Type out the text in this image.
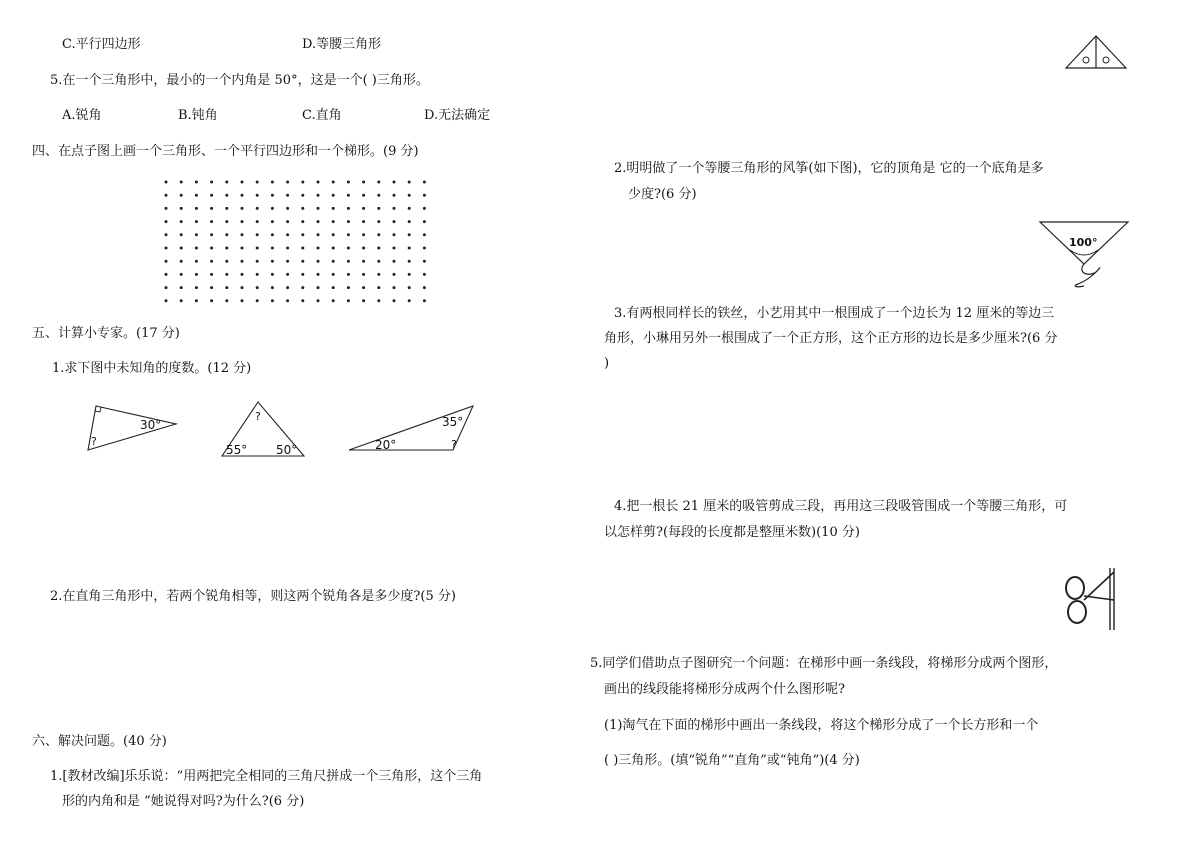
C.平行四边形	D.等腰三角形
5.在一个三角形中，最小的一个内角是 50°，这是一个( )三角形。
A.锐角	B.钝角	C.直角	D.无法确定
四、在点子图上画一个三角形、一个平行四边形和一个梯形。(9 分)
五、计算小专家。(17 分)
1.求下图中未知角的度数。(12 分)
30°
?
?
55° 50°
35°
20°	?
2.在直角三角形中，若两个锐角相等，则这两个锐角各是多少度?(5 分)
六、解决问题。(40 分)
1.[教材改编]乐乐说：“用两把完全相同的三角尺拼成一个三角形，这个三角
形的内角和是 ”她说得对吗?为什么?(6 分)
2.明明做了一个等腰三角形的风筝(如下图)，它的顶角是 它的一个底角是多
少度?(6 分)
100°
3.有两根同样长的铁丝，小艺用其中一根围成了一个边长为 12 厘米的等边三
角形，小琳用另外一根围成了一个正方形，这个正方形的边长是多少厘米?(6 分
)
4.把一根长 21 厘米的吸管剪成三段，再用这三段吸管围成一个等腰三角形，可
以怎样剪?(每段的长度都是整厘米数)(10 分)
5.同学们借助点子图研究一个问题：在梯形中画一条线段，将梯形分成两个图形，
画出的线段能将梯形分成两个什么图形呢?
(1)淘气在下面的梯形中画出一条线段，将这个梯形分成了一个长方形和一个
( )三角形。(填“锐角”“直角”或“钝角”)(4 分)
